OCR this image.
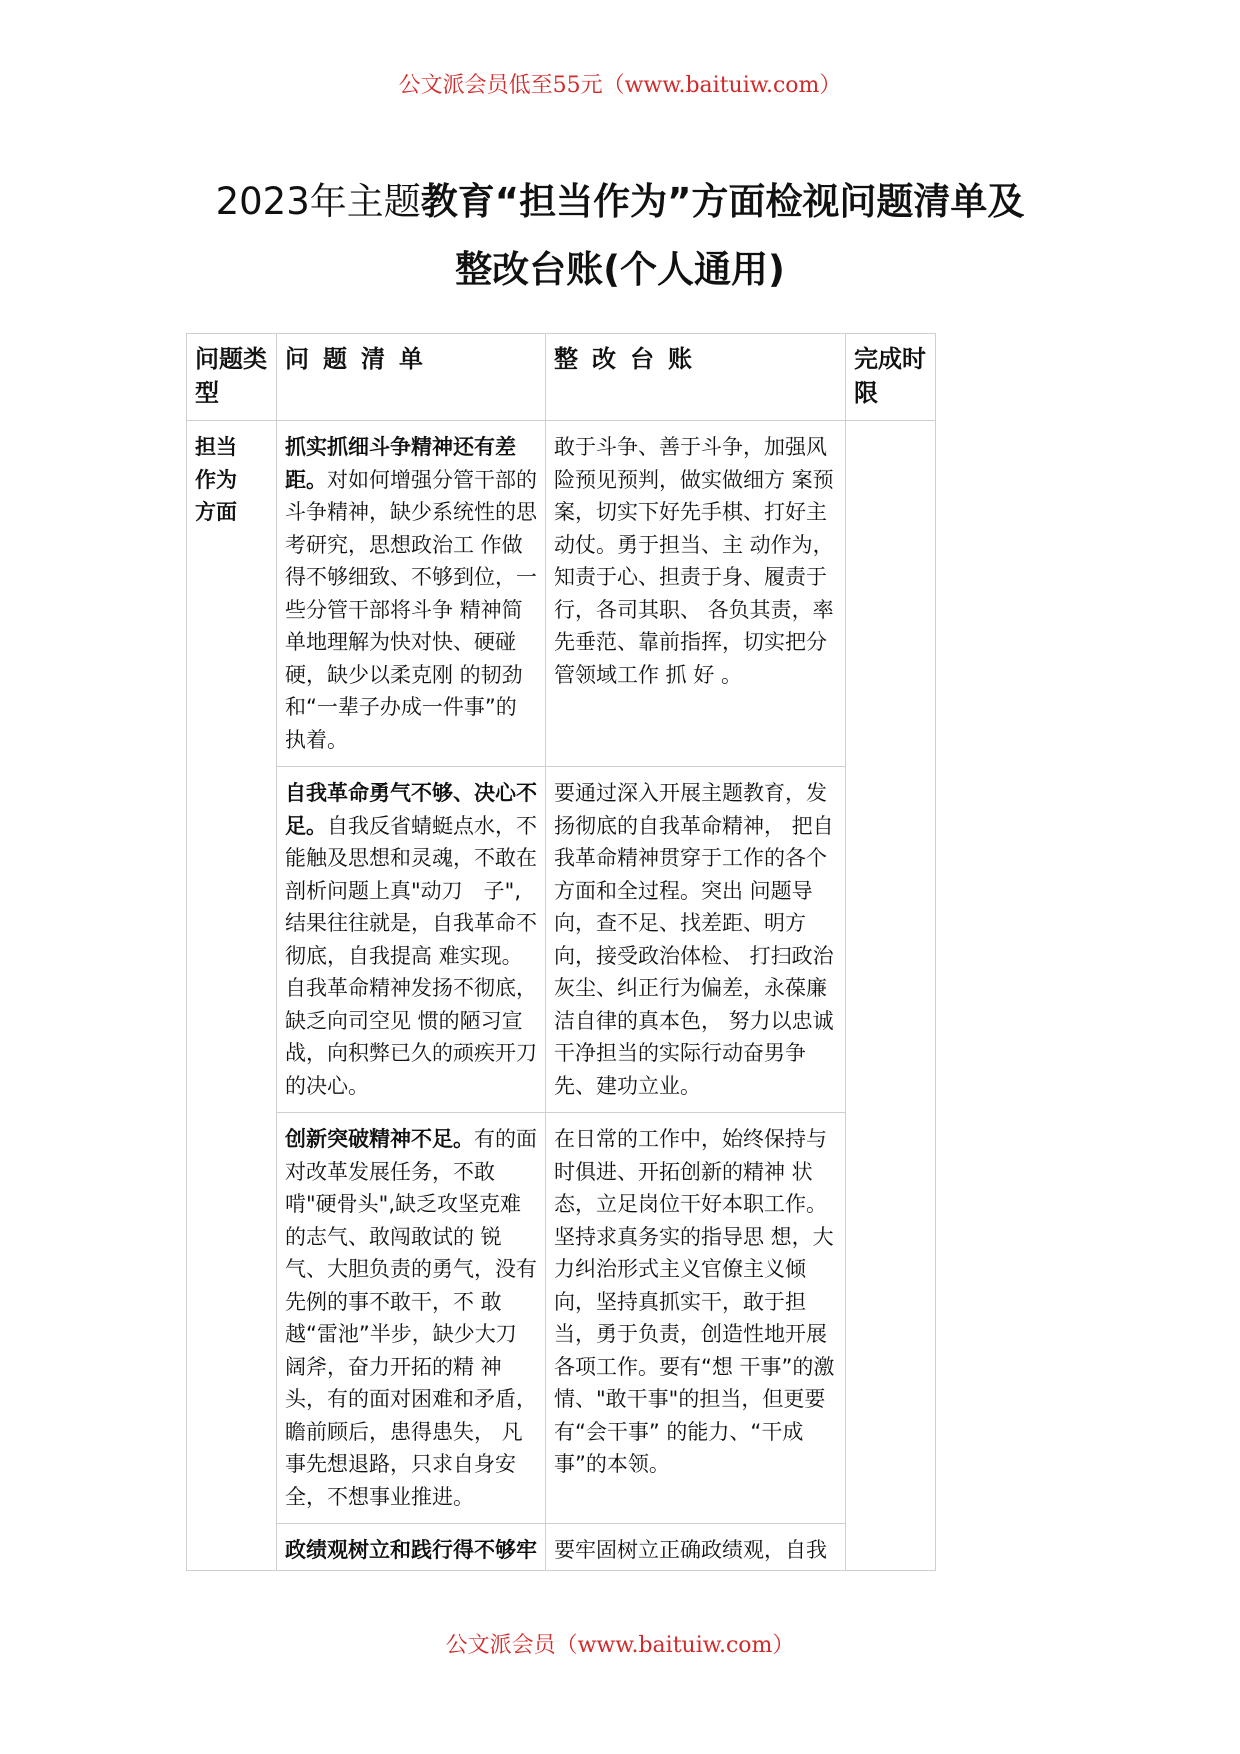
公文派会员低至55元（www.baituiw.com）
2023年主题教育“担当作为”方面检视问题清单及
整改台账(个人通用)
问题类型	问题清单	整改台账	完成时限

担当
作为
方面	抓实抓细斗争精神还有差距。对如何增强分管干部的斗争精神，缺少系统性的思考研究，思想政治工 作做得不够细致、不够到位，一些分管干部将斗争 精神简单地理解为快对快、硬碰硬，缺少以柔克刚 的韧劲和“一辈子办成一件事”的执着。	敢于斗争、善于斗争，加强风险预见预判，做实做细方 案预案，切实下好先手棋、打好主动仗。勇于担当、主 动作为，知责于心、担责于身、履责于行，各司其职、 各负其责，率先垂范、靠前指挥，切实把分管领域工作 抓 好 。	
	自我革命勇气不够、决心不足。自我反省蜻蜓点水，不能触及思想和灵魂，不敢在剖析问题上真"动刀　子",结果往往就是，自我革命不彻底，自我提高 难实现。自我革命精神发扬不彻底，缺乏向司空见 惯的陋习宣战，向积弊已久的顽疾开刀的决心。	要通过深入开展主题教育，发扬彻底的自我革命精神， 把自我革命精神贯穿于工作的各个方面和全过程。突出 问题导向，查不足、找差距、明方向，接受政治体检、 打扫政治灰尘、纠正行为偏差，永葆廉洁自律的真本色， 努力以忠诚干净担当的实际行动奋男争先、建功立业。	
	创新突破精神不足。有的面对改革发展任务，不敢啃"硬骨头",缺乏攻坚克难的志气、敢闯敢试的 锐气、大胆负责的勇气，没有先例的事不敢干，不 敢越“雷池”半步，缺少大刀阔斧，奋力开拓的精 神头，有的面对困难和矛盾，瞻前顾后，患得患失， 凡事先想退路，只求自身安全，不想事业推进。	在日常的工作中，始终保持与时俱进、开拓创新的精神 状态，立足岗位干好本职工作。坚持求真务实的指导思 想，大力纠治形式主义官僚主义倾向，坚持真抓实干，敢于担当，勇于负责，创造性地开展各项工作。要有“想 干事”的激情、"敢干事"的担当，但更要有“会干事” 的能力、“干成事”的本领。	
	政绩观树立和践行得不够牢	要牢固树立正确政绩观，自我	
公文派会员（www.baituiw.com）
